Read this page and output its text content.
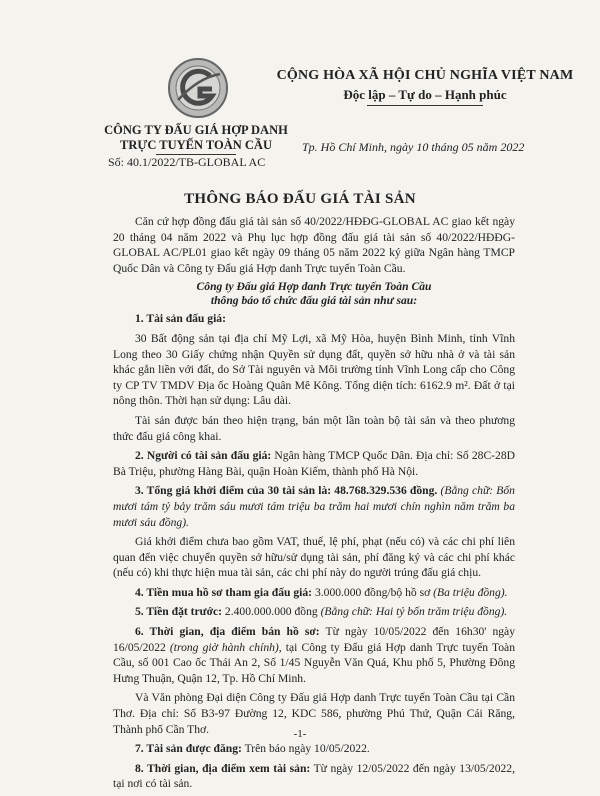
CỘNG HÒA XÃ HỘI CHỦ NGHĨA VIỆT NAM
Độc lập – Tự do – Hạnh phúc
CÔNG TY ĐẤU GIÁ HỢP DANH
TRỰC TUYẾN TOÀN CẦU
Số: 40.1/2022/TB-GLOBAL AC
Tp. Hồ Chí Minh, ngày 10 tháng 05 năm 2022
THÔNG BÁO ĐẤU GIÁ TÀI SẢN

Căn cứ hợp đồng đấu giá tài sản số 40/2022/HĐĐG-GLOBAL AC giao kết ngày 20 tháng 04 năm 2022 và Phụ lục hợp đồng đấu giá tài sản số 40/2022/HĐĐG-GLOBAL AC/PL01 giao kết ngày 09 tháng 05 năm 2022 ký giữa Ngân hàng TMCP Quốc Dân và Công ty Đấu giá Hợp danh Trực tuyến Toàn Cầu.

Công ty Đấu giá Hợp danh Trực tuyến Toàn Cầu
thông báo tổ chức đấu giá tài sản như sau:

1. Tài sản đấu giá:

30 Bất động sản tại địa chỉ Mỹ Lợi, xã Mỹ Hòa, huyện Bình Minh, tỉnh Vĩnh Long theo 30 Giấy chứng nhận Quyền sử dụng đất, quyền sở hữu nhà ở và tài sản khác gắn liền với đất, do Sở Tài nguyên và Môi trường tỉnh Vĩnh Long cấp cho Công ty CP TV TMDV Địa ốc Hoàng Quân Mê Kông. Tổng diện tích: 6162.9 m². Đất ở tại nông thôn. Thời hạn sử dụng: Lâu dài.

Tài sản được bán theo hiện trạng, bán một lần toàn bộ tài sản và theo phương thức đấu giá công khai.

2. Người có tài sản đấu giá: Ngân hàng TMCP Quốc Dân. Địa chỉ: Số 28C-28D Bà Triệu, phường Hàng Bài, quận Hoàn Kiếm, thành phố Hà Nội.

3. Tổng giá khởi điểm của 30 tài sản là: 48.768.329.536 đồng. (Bằng chữ: Bốn mươi tám tỷ bảy trăm sáu mươi tám triệu ba trăm hai mươi chín nghìn năm trăm ba mươi sáu đồng).

Giá khởi điểm chưa bao gồm VAT, thuế, lệ phí, phạt (nếu có) và các chi phí liên quan đến việc chuyển quyền sở hữu/sử dụng tài sản, phí đăng ký và các chi phí khác (nếu có) khi thực hiện mua tài sản, các chi phí này do người trúng đấu giá chịu.

4. Tiền mua hồ sơ tham gia đấu giá: 3.000.000 đồng/bộ hồ sơ (Ba triệu đồng).

5. Tiền đặt trước: 2.400.000.000 đồng (Bằng chữ: Hai tỷ bốn trăm triệu đồng).

6. Thời gian, địa điểm bán hồ sơ: Từ ngày 10/05/2022 đến 16h30' ngày 16/05/2022 (trong giờ hành chính), tại Công ty Đấu giá Hợp danh Trực tuyến Toàn Cầu, số 001 Cao ốc Thái An 2, Số 1/45 Nguyễn Văn Quá, Khu phố 5, Phường Đông Hưng Thuận, Quận 12, Tp. Hồ Chí Minh.

Và Văn phòng Đại diện Công ty Đấu giá Hợp danh Trực tuyến Toàn Cầu tại Cần Thơ. Địa chỉ: Số B3-97 Đường 12, KDC 586, phường Phú Thứ, Quận Cái Răng, Thành phố Cần Thơ.

7. Tài sản được đăng: Trên báo ngày 10/05/2022.

8. Thời gian, địa điểm xem tài sản: Từ ngày 12/05/2022 đến ngày 13/05/2022, tại nơi có tài sản.

-1-
